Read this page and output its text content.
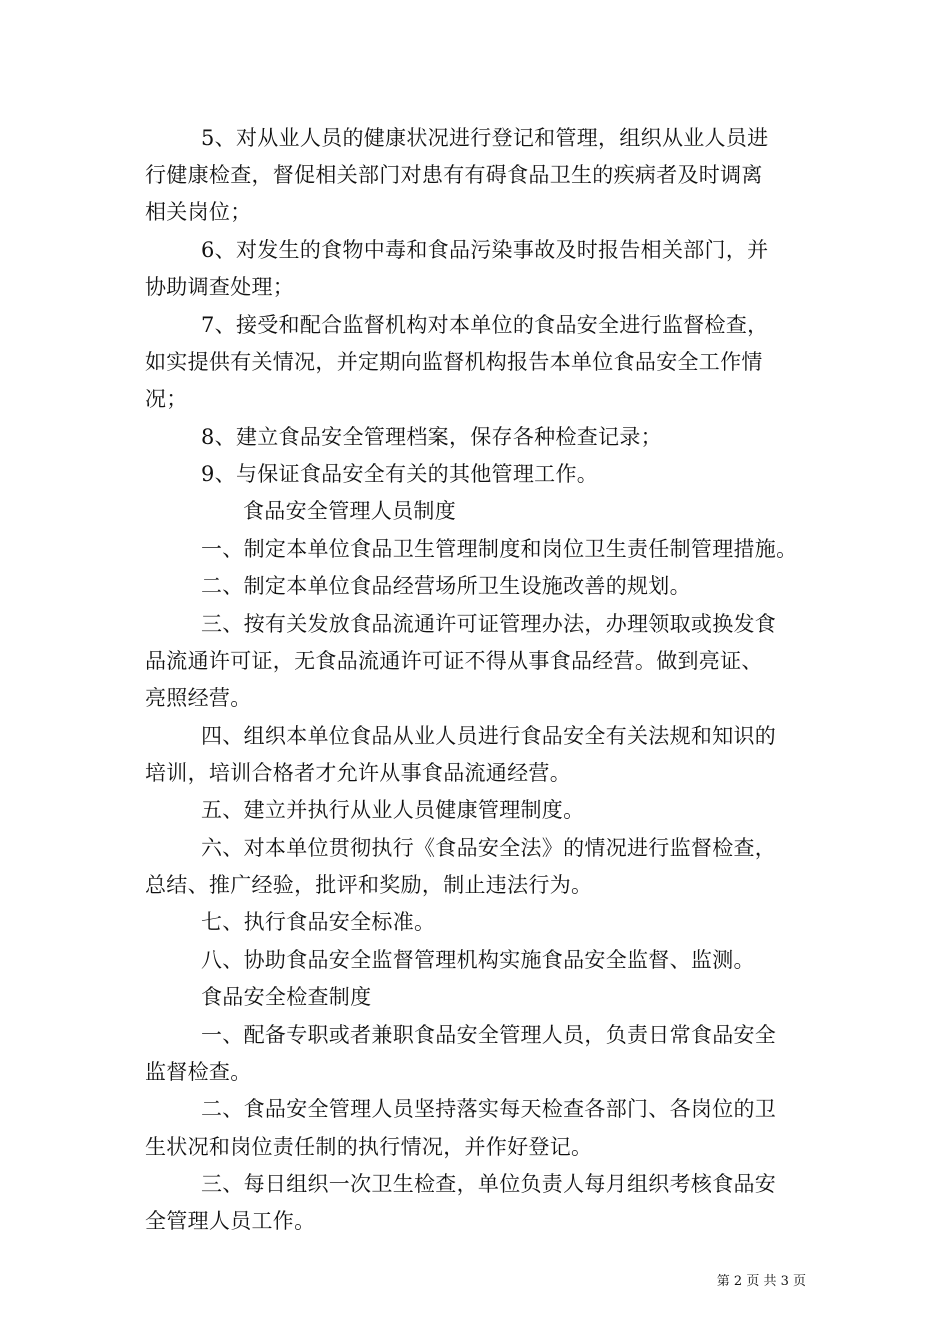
5、对从业人员的健康状况进行登记和管理，组织从业人员进
行健康检查，督促相关部门对患有有碍食品卫生的疾病者及时调离
相关岗位；
6、对发生的食物中毒和食品污染事故及时报告相关部门，并
协助调查处理；
7、接受和配合监督机构对本单位的食品安全进行监督检查，
如实提供有关情况，并定期向监督机构报告本单位食品安全工作情
况；
8、建立食品安全管理档案，保存各种检查记录；
9、与保证食品安全有关的其他管理工作。
食品安全管理人员制度
一、制定本单位食品卫生管理制度和岗位卫生责任制管理措施。
二、制定本单位食品经营场所卫生设施改善的规划。
三、按有关发放食品流通许可证管理办法，办理领取或换发食
品流通许可证，无食品流通许可证不得从事食品经营。做到亮证、
亮照经营。
四、组织本单位食品从业人员进行食品安全有关法规和知识的
培训，培训合格者才允许从事食品流通经营。
五、建立并执行从业人员健康管理制度。
六、对本单位贯彻执行《食品安全法》的情况进行监督检查，
总结、推广经验，批评和奖励，制止违法行为。
七、执行食品安全标准。
八、协助食品安全监督管理机构实施食品安全监督、监测。
食品安全检查制度
一、配备专职或者兼职食品安全管理人员，负责日常食品安全
监督检查。
二、食品安全管理人员坚持落实每天检查各部门、各岗位的卫
生状况和岗位责任制的执行情况，并作好登记。
三、每日组织一次卫生检查，单位负责人每月组织考核食品安
全管理人员工作。
第 2 页 共 3 页
